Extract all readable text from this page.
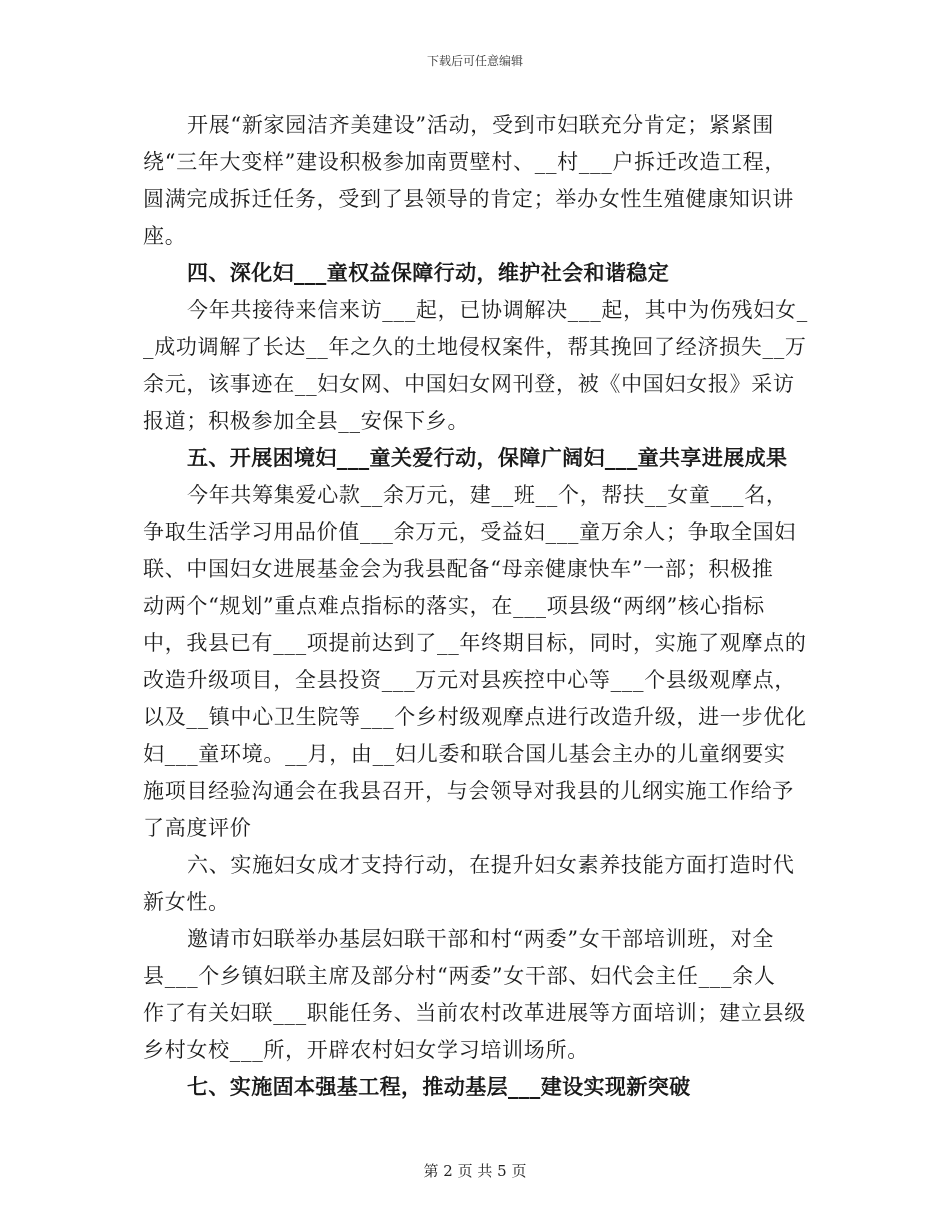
下载后可任意编辑
开展“新家园洁齐美建设”活动，受到市妇联充分肯定；紧紧围
绕“三年大变样”建设积极参加南贾壁村、__村___户拆迁改造工程，
圆满完成拆迁任务，受到了县领导的肯定；举办女性生殖健康知识讲
座。
四、深化妇___童权益保障行动，维护社会和谐稳定
今年共接待来信来访___起，已协调解决___起，其中为伤残妇女_
_成功调解了长达__年之久的土地侵权案件，帮其挽回了经济损失__万
余元，该事迹在__妇女网、中国妇女网刊登，被《中国妇女报》采访
报道；积极参加全县__安保下乡。
五、开展困境妇___童关爱行动，保障广阔妇___童共享进展成果
今年共筹集爱心款__余万元，建__班__个，帮扶__女童___名，
争取生活学习用品价值___余万元，受益妇___童万余人；争取全国妇
联、中国妇女进展基金会为我县配备“母亲健康快车”一部；积极推
动两个“规划”重点难点指标的落实，在___项县级“两纲”核心指标
中，我县已有___项提前达到了__年终期目标，同时，实施了观摩点的
改造升级项目，全县投资___万元对县疾控中心等___个县级观摩点，
以及__镇中心卫生院等___个乡村级观摩点进行改造升级，进一步优化
妇___童环境。__月，由__妇儿委和联合国儿基会主办的儿童纲要实
施项目经验沟通会在我县召开，与会领导对我县的儿纲实施工作给予
了高度评价
六、实施妇女成才支持行动，在提升妇女素养技能方面打造时代
新女性。
邀请市妇联举办基层妇联干部和村“两委”女干部培训班，对全
县___个乡镇妇联主席及部分村“两委”女干部、妇代会主任___余人
作了有关妇联___职能任务、当前农村改革进展等方面培训；建立县级
乡村女校___所，开辟农村妇女学习培训场所。
七、实施固本强基工程，推动基层___建设实现新突破
第 2 页 共 5 页
